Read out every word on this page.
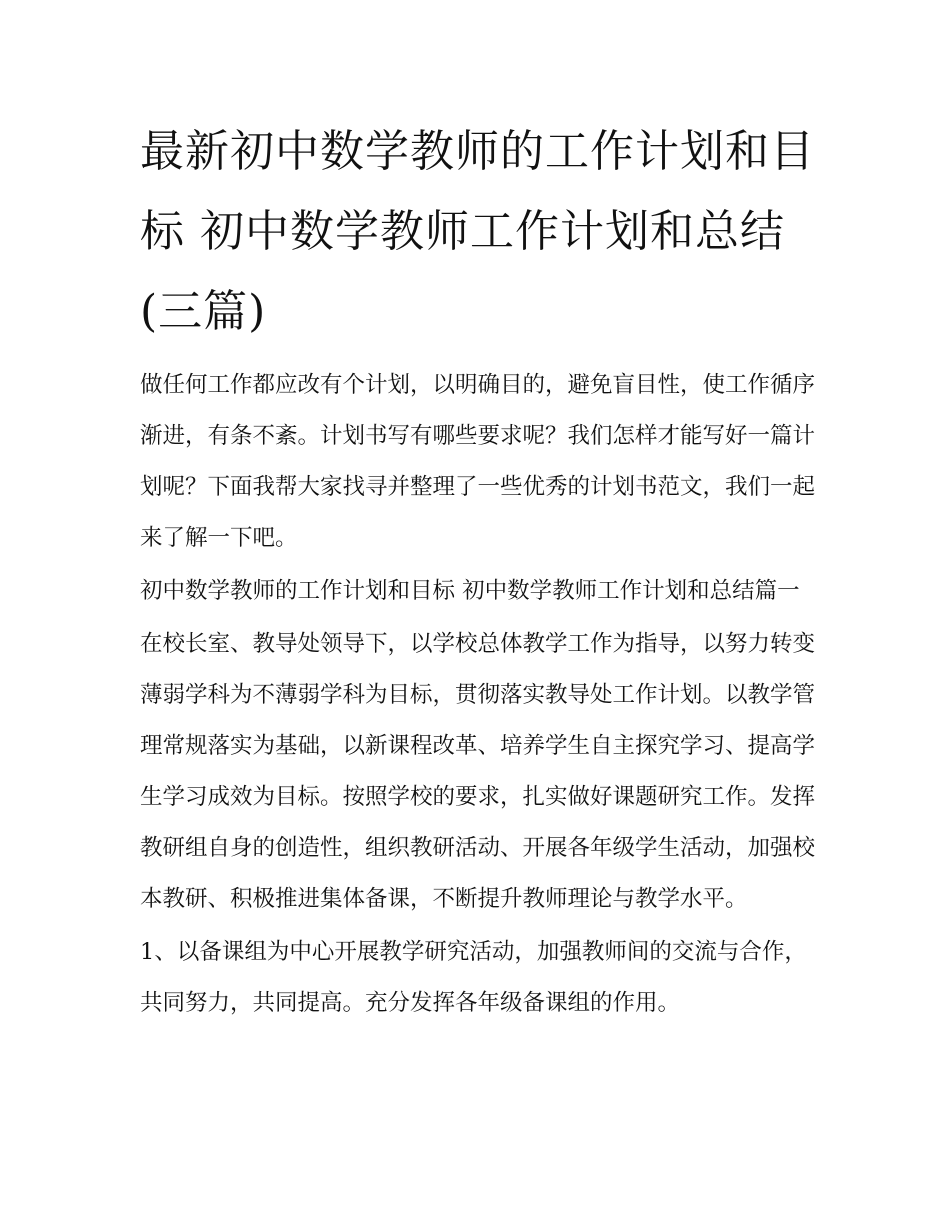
最新初中数学教师的工作计划和目标 初中数学教师工作计划和总结(三篇)

做任何工作都应改有个计划，以明确目的，避免盲目性，使工作循序渐进，有条不紊。计划书写有哪些要求呢？我们怎样才能写好一篇计划呢？下面我帮大家找寻并整理了一些优秀的计划书范文，我们一起来了解一下吧。

初中数学教师的工作计划和目标 初中数学教师工作计划和总结篇一

在校长室、教导处领导下，以学校总体教学工作为指导，以努力转变薄弱学科为不薄弱学科为目标，贯彻落实教导处工作计划。以教学管理常规落实为基础，以新课程改革、培养学生自主探究学习、提高学生学习成效为目标。按照学校的要求，扎实做好课题研究工作。发挥教研组自身的创造性，组织教研活动、开展各年级学生活动，加强校本教研、积极推进集体备课，不断提升教师理论与教学水平。

1、以备课组为中心开展教学研究活动，加强教师间的交流与合作，共同努力，共同提高。充分发挥各年级备课组的作用。
